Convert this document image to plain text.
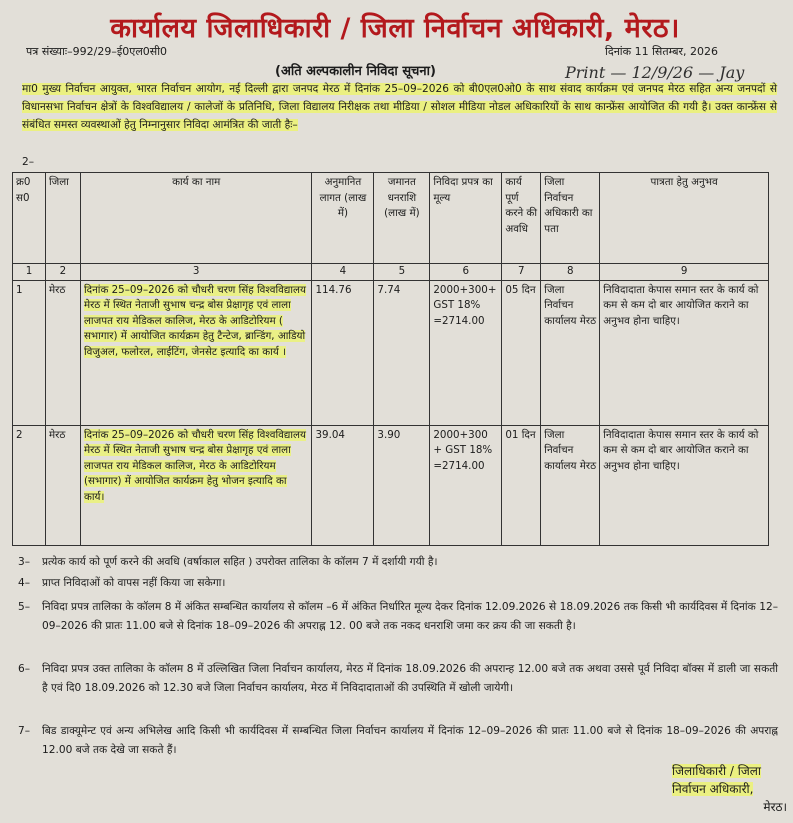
कार्यालय जिलाधिकारी / जिला निर्वाचन अधिकारी, मेरठ।
पत्र संख्याः–992/29–ई0एल0सी0	दिनांक 11 सितम्बर, 2026
(अति अल्पकालीन निविदा सूचना)	Print — 12/9/26 — Jay
मा0 मुख्य निर्वाचन आयुक्त, भारत निर्वाचन आयोग, नई दिल्ली द्वारा जनपद मेरठ में दिनांक 25–09–2026 को बी0एल0ओ0 के साथ संवाद कार्यक्रम एवं जनपद मेरठ सहित अन्य जनपदों से विधानसभा निर्वाचन क्षेत्रों के विश्वविद्यालय / कालेजों के प्रतिनिधि, जिला विद्यालय निरीक्षक तथा मीडिया / सोशल मीडिया नोडल अधिकारियों के साथ कान्फ्रेंस आयोजित की गयी है। उक्त कान्फ्रेंस से संबंधित समस्त व्यवस्थाओं हेतु निम्नानुसार निविदा आमंत्रित की जाती हैः–
2–
क्र0 स0	जिला	कार्य का नाम	अनुमानित लागत (लाख में)	जमानत धनराशि (लाख में)	निविदा प्रपत्र का मूल्य	कार्य पूर्ण करने की अवधि	जिला निर्वाचन अधिकारी का पता	पात्रता हेतु अनुभव
1	2	3	4	5	6	7	8	9
1	मेरठ	दिनांक 25–09–2026 को चौधरी चरण सिंह विश्वविद्यालय मेरठ में स्थित नेताजी सुभाष चन्द्र बोस प्रेक्षागृह एवं लाला लाजपत राय मेडिकल कालिज, मेरठ के आडिटोरियम ( सभागार) में आयोजित कार्यक्रम हेतु टैन्टेज, ब्रान्डिंग, आडियो विजुअल, फलोरल, लाईटिंग, जेनसेट इत्यादि का कार्य ।	114.76	7.74	2000+300+ GST 18% =2714.00	05 दिन	जिला निर्वाचन कार्यालय मेरठ	निविदादाता केपास समान स्तर के कार्य को कम से कम दो बार आयोजित कराने का अनुभव होना चाहिए।
2	मेरठ	दिनांक 25–09–2026 को चौधरी चरण सिंह विश्वविद्यालय मेरठ में स्थित नेताजी सुभाष चन्द्र बोस प्रेक्षागृह एवं लाला लाजपत राय मेडिकल कालिज, मेरठ के आडिटोरियम (सभागार) में आयोजित कार्यक्रम हेतु भोजन इत्यादि का कार्य।	39.04	3.90	2000+300 + GST 18% =2714.00	01 दिन	जिला निर्वाचन कार्यालय मेरठ	निविदादाता केपास समान स्तर के कार्य को कम से कम दो बार आयोजित कराने का अनुभव होना चाहिए।
3– प्रत्येक कार्य को पूर्ण करने की अवधि (वर्षाकाल सहित ) उपरोक्त तालिका के कॉलम 7 में दर्शायी गयी है।
4– प्राप्त निविदाओं को वापस नहीं किया जा सकेगा।
5– निविदा प्रपत्र तालिका के कॉलम 8 में अंकित सम्बन्धित कार्यालय से कॉलम –6 में अंकित निर्धारित मूल्य देकर दिनांक 12.09.2026 से 18.09.2026 तक किसी भी कार्यदिवस में दिनांक 12–09–2026 की प्रातः 11.00 बजे से दिनांक 18–09–2026 की अपराह्न 12. 00 बजे तक नकद धनराशि जमा कर क्रय की जा सकती है।
6– निविदा प्रपत्र उक्त तालिका के कॉलम 8 में उल्लिखित जिला निर्वाचन कार्यालय, मेरठ में दिनांक 18.09.2026 की अपरान्ह 12.00 बजे तक अथवा उससे पूर्व निविदा बॉक्स में डाली जा सकती है एवं दि0 18.09.2026 को 12.30 बजे जिला निर्वाचन कार्यालय, मेरठ में निविदादाताओं की उपस्थिति में खोली जायेगी।
7– बिड डाक्यूमेन्ट एवं अन्य अभिलेख आदि किसी भी कार्यदिवस में सम्बन्धित जिला निर्वाचन कार्यालय में दिनांक 12–09–2026 की प्रातः 11.00 बजे से दिनांक 18–09–2026 की अपराह्न 12.00 बजे तक देखे जा सकते हैं।
जिलाधिकारी / जिला
निर्वाचन अधिकारी,
मेरठ।
